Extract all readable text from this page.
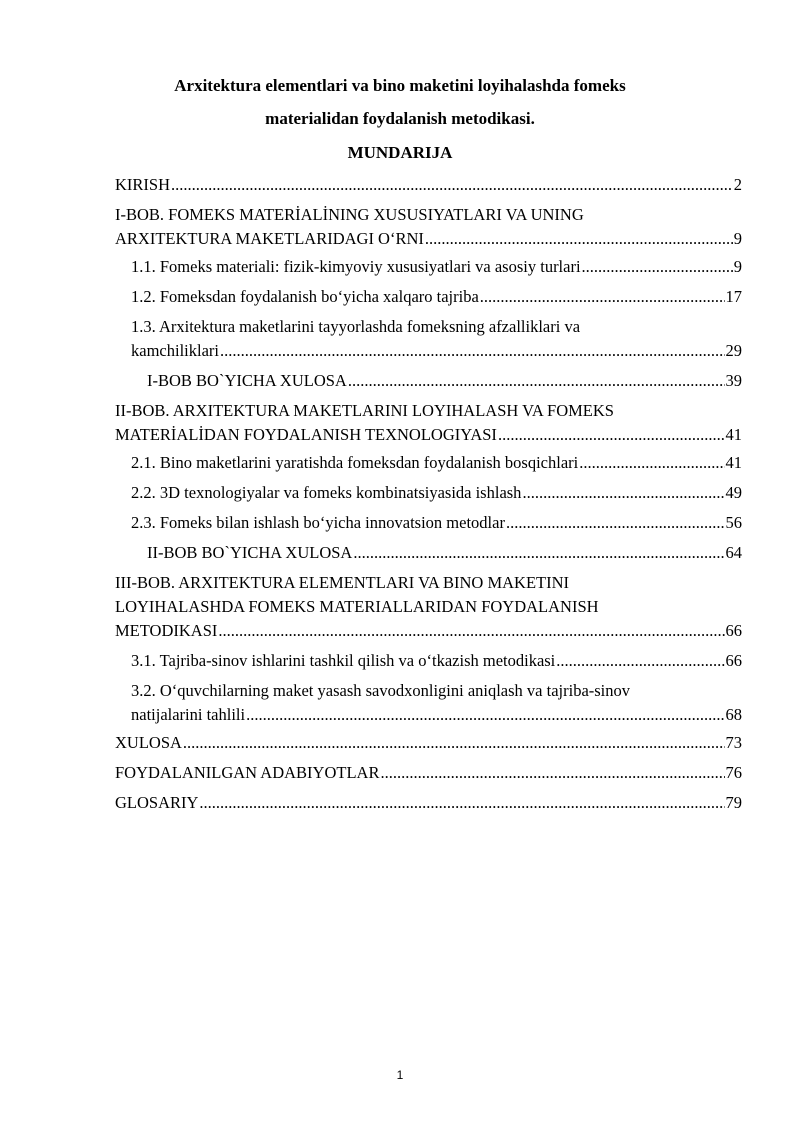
Arxitektura elementlari va bino maketini loyihalashda fomeks
materialidan foydalanish metodikasi.
MUNDARIJA
KIRISH .....	2
I-BOB. FOMEKS MATERİALİNING XUSUSIYATLARI VA UNING
ARXITEKTURA MAKETLARIDAGI O‘RNI .....	9
1.1. Fomeks materiali: fizik-kimyoviy xususiyatlari va asosiy turlari .....	9
1.2. Fomeksdan foydalanish bo‘yicha xalqaro tajriba .....	17
1.3. Arxitektura maketlarini tayyorlashda fomeksning afzalliklari va
kamchiliklari .....	29
I-BOB BO`YICHA XULOSA .....	39
II-BOB. ARXITEKTURA MAKETLARINI LOYIHALASH VA FOMEKS
MATERİALİDAN FOYDALANISH TEXNOLOGIYASI .....	41
2.1. Bino maketlarini yaratishda fomeksdan foydalanish bosqichlari .....	41
2.2. 3D texnologiyalar va fomeks kombinatsiyasida ishlash .....	49
2.3. Fomeks bilan ishlash bo‘yicha innovatsion metodlar .....	56
II-BOB BO`YICHA XULOSA .....	64
III-BOB. ARXITEKTURA ELEMENTLARI VA BINO MAKETINI
LOYIHALASHDA FOMEKS MATERIALLARIDAN FOYDALANISH
METODIKASI .....	66
3.1. Tajriba-sinov ishlarini tashkil qilish va o‘tkazish metodikasi .....	66
3.2. O‘quvchilarning maket yasash savodxonligini aniqlash va tajriba-sinov
natijalarini tahlili .....	68
XULOSA .....	73
FOYDALANILGAN ADABIYOTLAR .....	76
GLOSARIY .....	79
1
